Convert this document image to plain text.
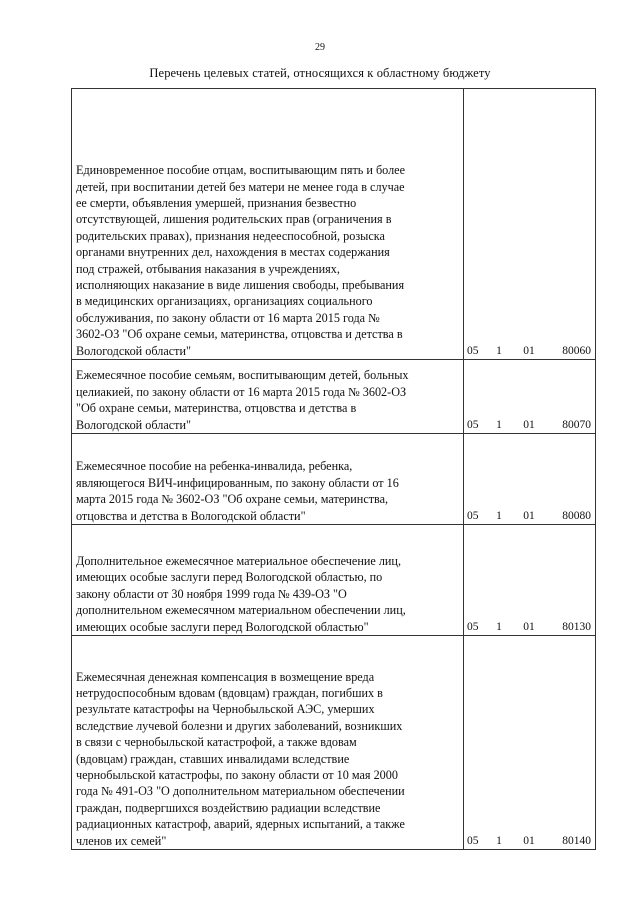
29
Перечень целевых статей, относящихся к областному бюджету
Единовременное пособие отцам, воспитывающим пять и более
детей, при воспитании детей без матери не менее года в случае
ее смерти, объявления умершей, признания безвестно
отсутствующей, лишения родительских прав (ограничения в
родительских правах), признания недееспособной, розыска
органами внутренних дел, нахождения в местах содержания
под стражей, отбывания наказания в учреждениях,
исполняющих наказание в виде лишения свободы, пребывания
в медицинских организациях, организациях социального
обслуживания, по закону области от 16 марта 2015 года №
3602-ОЗ "Об охране семьи, материнства, отцовства и детства в
Вологодской области"	05	1	01	80060
Ежемесячное пособие семьям, воспитывающим детей, больных
целиакией, по закону области от 16 марта 2015 года № 3602-ОЗ
"Об охране семьи, материнства, отцовства и детства в
Вологодской области"	05	1	01	80070
Ежемесячное пособие на ребенка-инвалида, ребенка,
являющегося ВИЧ-инфицированным, по закону области от 16
марта 2015 года № 3602-ОЗ "Об охране семьи, материнства,
отцовства и детства в Вологодской области"	05	1	01	80080
Дополнительное ежемесячное материальное обеспечение лиц,
имеющих особые заслуги перед Вологодской областью, по
закону области от 30 ноября 1999 года № 439-ОЗ "О
дополнительном ежемесячном материальном обеспечении лиц,
имеющих особые заслуги перед Вологодской областью"	05	1	01	80130
Ежемесячная денежная компенсация в возмещение вреда
нетрудоспособным вдовам (вдовцам) граждан, погибших в
результате катастрофы на Чернобыльской АЭС, умерших
вследствие лучевой болезни и других заболеваний, возникших
в связи с чернобыльской катастрофой, а также вдовам
(вдовцам) граждан, ставших инвалидами вследствие
чернобыльской катастрофы, по закону области от 10 мая 2000
года № 491-ОЗ "О дополнительном материальном обеспечении
граждан, подвергшихся воздействию радиации вследствие
радиационных катастроф, аварий, ядерных испытаний, а также
членов их семей"	05	1	01	80140
